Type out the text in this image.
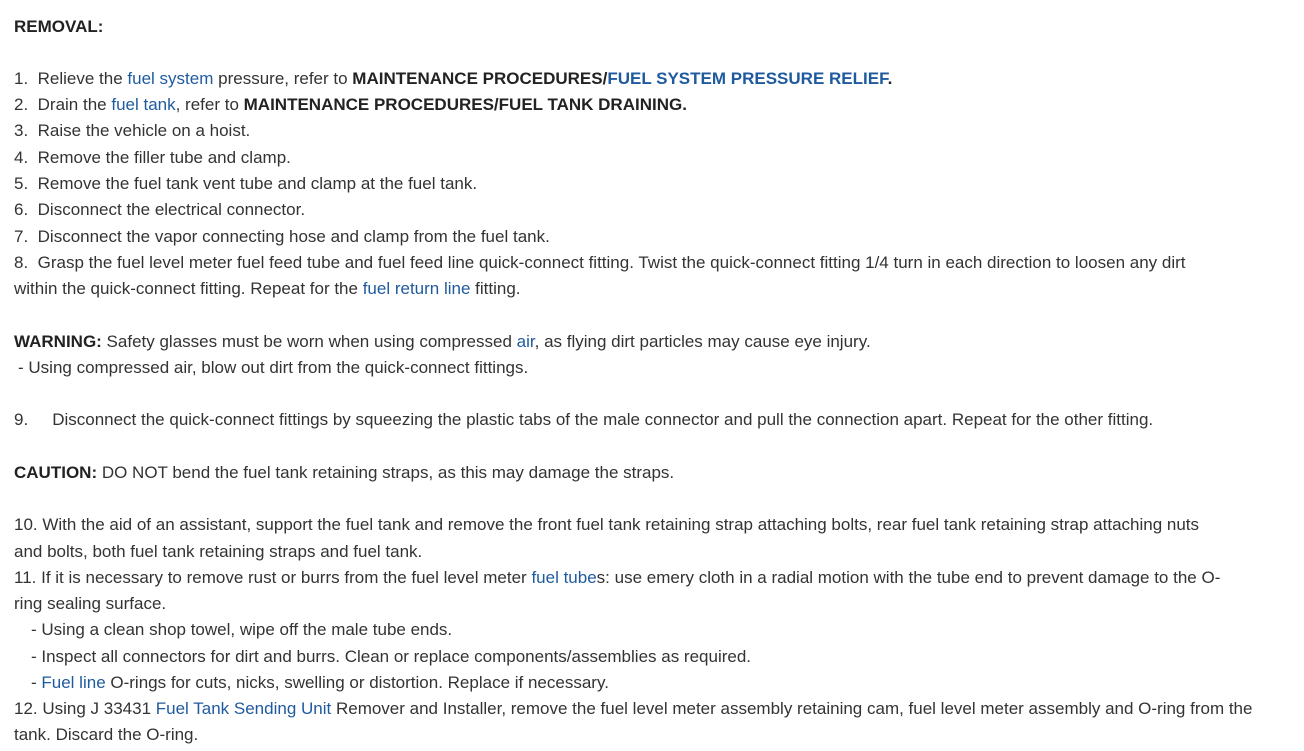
REMOVAL:
1. Relieve the fuel system pressure, refer to MAINTENANCE PROCEDURES/FUEL SYSTEM PRESSURE RELIEF.
2. Drain the fuel tank, refer to MAINTENANCE PROCEDURES/FUEL TANK DRAINING.
3. Raise the vehicle on a hoist.
4. Remove the filler tube and clamp.
5. Remove the fuel tank vent tube and clamp at the fuel tank.
6. Disconnect the electrical connector.
7. Disconnect the vapor connecting hose and clamp from the fuel tank.
8. Grasp the fuel level meter fuel feed tube and fuel feed line quick-connect fitting. Twist the quick-connect fitting 1/4 turn in each direction to loosen any dirt
within the quick-connect fitting. Repeat for the fuel return line fitting.
WARNING: Safety glasses must be worn when using compressed air, as flying dirt particles may cause eye injury.
- Using compressed air, blow out dirt from the quick-connect fittings.
9. Disconnect the quick-connect fittings by squeezing the plastic tabs of the male connector and pull the connection apart. Repeat for the other fitting.
CAUTION: DO NOT bend the fuel tank retaining straps, as this may damage the straps.
10. With the aid of an assistant, support the fuel tank and remove the front fuel tank retaining strap attaching bolts, rear fuel tank retaining strap attaching nuts
and bolts, both fuel tank retaining straps and fuel tank.
11. If it is necessary to remove rust or burrs from the fuel level meter fuel tubes: use emery cloth in a radial motion with the tube end to prevent damage to the O-
ring sealing surface.
- Using a clean shop towel, wipe off the male tube ends.
- Inspect all connectors for dirt and burrs. Clean or replace components/assemblies as required.
- Fuel line O-rings for cuts, nicks, swelling or distortion. Replace if necessary.
12. Using J 33431 Fuel Tank Sending Unit Remover and Installer, remove the fuel level meter assembly retaining cam, fuel level meter assembly and O-ring from the
tank. Discard the O-ring.
